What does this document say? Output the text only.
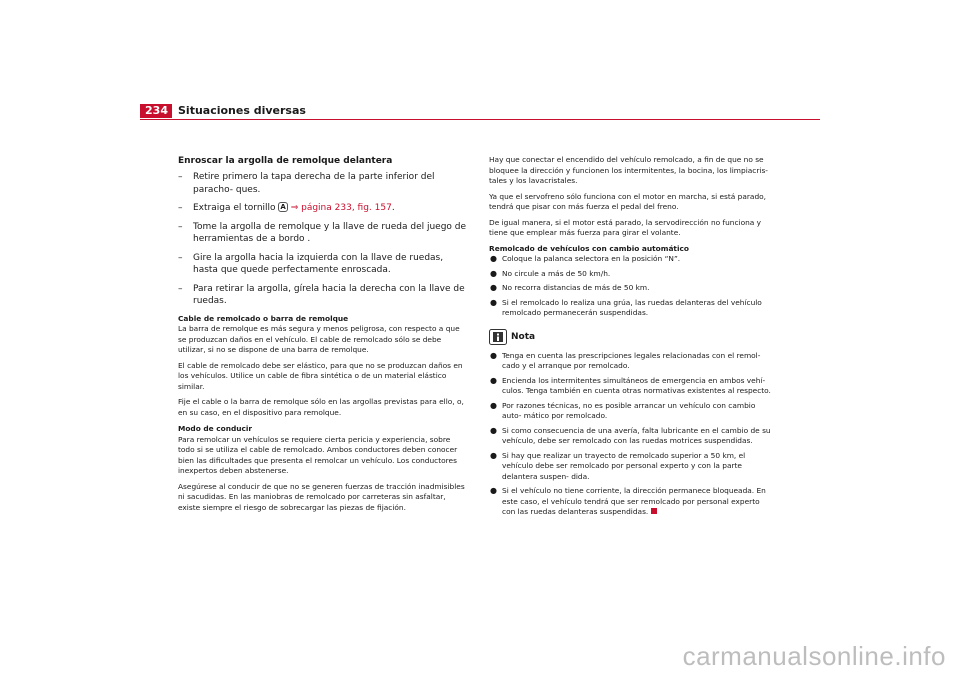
234 Situaciones diversas
Enroscar la argolla de remolque delantera
– Retire primero la tapa derecha de la parte inferior del paracho- ques.
– Extraiga el tornillo A ⇒ página 233, fig. 157.
– Tome la argolla de remolque y la llave de rueda del juego de herramientas de a bordo .
– Gire la argolla hacia la izquierda con la llave de ruedas, hasta que quede perfectamente enroscada.
– Para retirar la argolla, gírela hacia la derecha con la llave de ruedas.
Cable de remolcado o barra de remolque

La barra de remolque es más segura y menos peligrosa, con respecto a que se produzcan daños en el vehículo. El cable de remolcado sólo se debe utilizar, si no se dispone de una barra de remolque.

El cable de remolcado debe ser elástico, para que no se produzcan daños en los vehículos. Utilice un cable de fibra sintética o de un material elástico similar.

Fije el cable o la barra de remolque sólo en las argollas previstas para ello, o, en su caso, en el dispositivo para remolque.

Modo de conducir

Para remolcar un vehículos se requiere cierta pericia y experiencia, sobre todo si se utiliza el cable de remolcado. Ambos conductores deben conocer bien las dificultades que presenta el remolcar un vehículo. Los conductores inexpertos deben abstenerse.

Asegúrese al conducir de que no se generen fuerzas de tracción inadmisibles ni sacudidas. En las maniobras de remolcado por carreteras sin asfaltar, existe siempre el riesgo de sobrecargar las piezas de fijación.

Hay que conectar el encendido del vehículo remolcado, a fin de que no se bloquee la dirección y funcionen los intermitentes, la bocina, los limpiacris- tales y los lavacristales.

Ya que el servofreno sólo funciona con el motor en marcha, si está parado, tendrá que pisar con más fuerza el pedal del freno.

De igual manera, si el motor está parado, la servodirección no funciona y tiene que emplear más fuerza para girar el volante.

Remolcado de vehículos con cambio automático
● Coloque la palanca selectora en la posición “N”.
● No circule a más de 50 km/h.
● No recorra distancias de más de 50 km.
● Si el remolcado lo realiza una grúa, las ruedas delanteras del vehículo remolcado permanecerán suspendidas.
Nota
● Tenga en cuenta las prescripciones legales relacionadas con el remol- cado y el arranque por remolcado.
● Encienda los intermitentes simultáneos de emergencia en ambos vehí- culos. Tenga también en cuenta otras normativas existentes al respecto.
● Por razones técnicas, no es posible arrancar un vehículo con cambio auto- mático por remolcado.
● Si como consecuencia de una avería, falta lubricante en el cambio de su vehículo, debe ser remolcado con las ruedas motrices suspendidas.
● Si hay que realizar un trayecto de remolcado superior a 50 km, el vehículo debe ser remolcado por personal experto y con la parte delantera suspen- dida.
● Si el vehículo no tiene corriente, la dirección permanece bloqueada. En este caso, el vehículo tendrá que ser remolcado por personal experto con las ruedas delanteras suspendidas.
carmanualsonline.info
